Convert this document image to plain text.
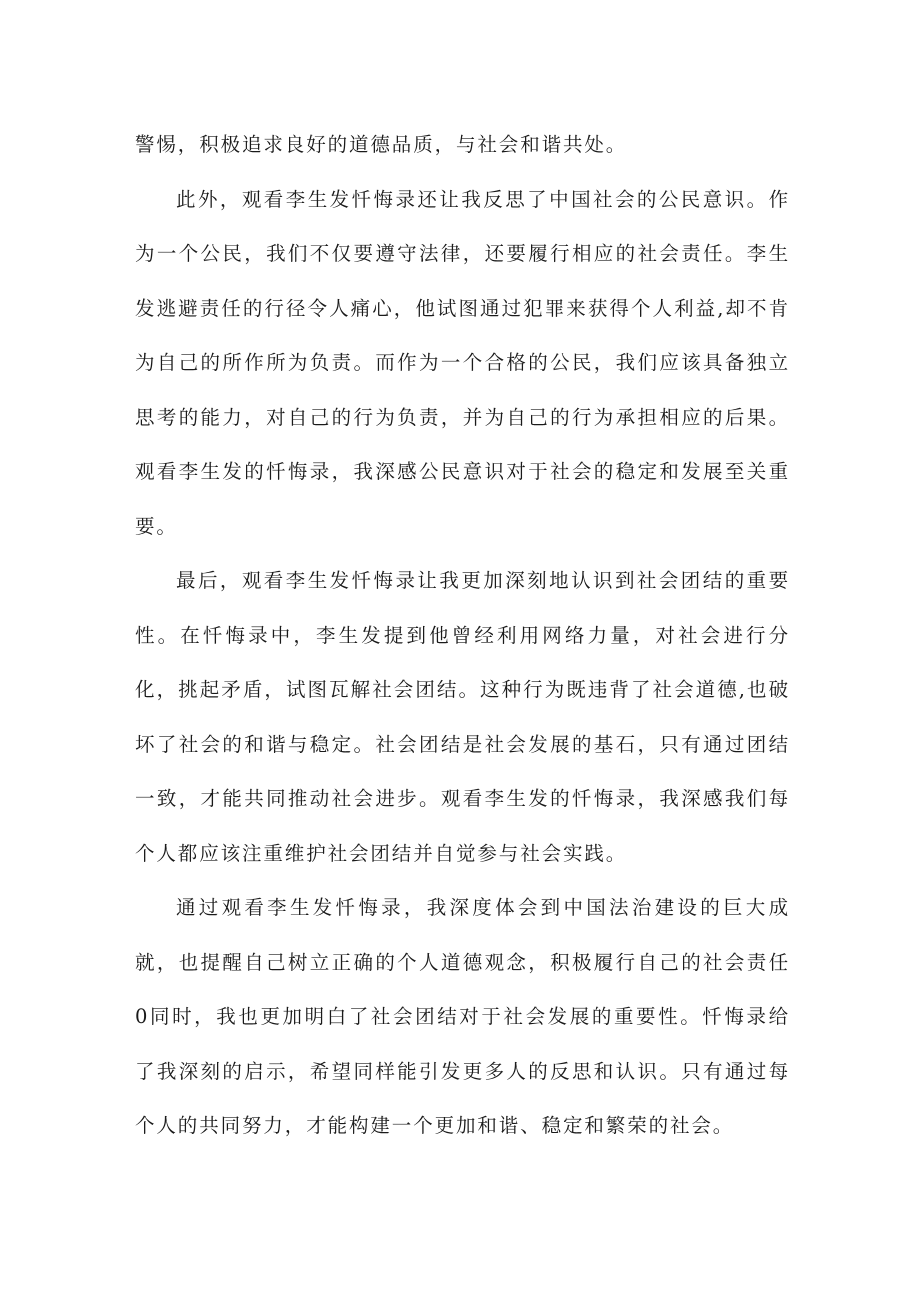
警惕，积极追求良好的道德品质，与社会和谐共处。

此外，观看李生发忏悔录还让我反思了中国社会的公民意识。作为一个公民，我们不仅要遵守法律，还要履行相应的社会责任。李生发逃避责任的行径令人痛心，他试图通过犯罪来获得个人利益,却不肯为自己的所作所为负责。而作为一个合格的公民，我们应该具备独立思考的能力，对自己的行为负责，并为自己的行为承担相应的后果。观看李生发的忏悔录，我深感公民意识对于社会的稳定和发展至关重要。

最后，观看李生发忏悔录让我更加深刻地认识到社会团结的重要性。在忏悔录中，李生发提到他曾经利用网络力量，对社会进行分化，挑起矛盾，试图瓦解社会团结。这种行为既违背了社会道德,也破坏了社会的和谐与稳定。社会团结是社会发展的基石，只有通过团结一致，才能共同推动社会进步。观看李生发的忏悔录，我深感我们每个人都应该注重维护社会团结并自觉参与社会实践。

通过观看李生发忏悔录，我深度体会到中国法治建设的巨大成就，也提醒自己树立正确的个人道德观念，积极履行自己的社会责任0同时，我也更加明白了社会团结对于社会发展的重要性。忏悔录给了我深刻的启示，希望同样能引发更多人的反思和认识。只有通过每个人的共同努力，才能构建一个更加和谐、稳定和繁荣的社会。
